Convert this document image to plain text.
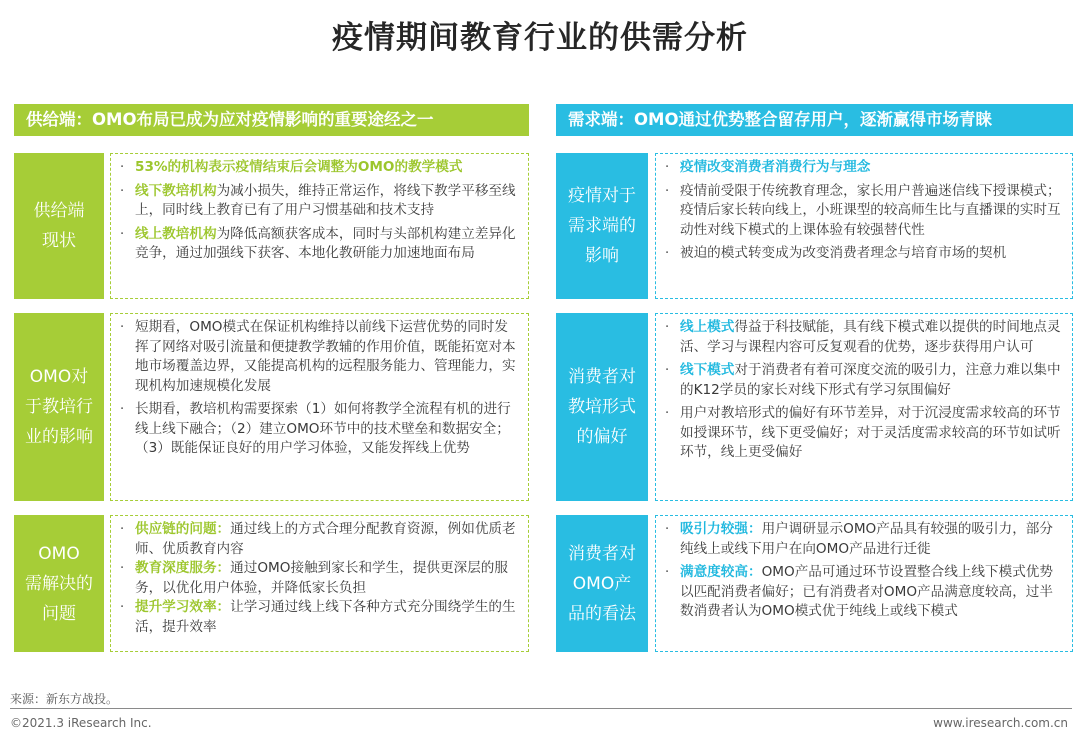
疫情期间教育行业的供需分析
供给端：OMO布局已成为应对疫情影响的重要途经之一	需求端：OMO通过优势整合留存用户，逐渐赢得市场青睐
供给端
现状
OMO对
于教培行
业的影响
OMO
需解决的
问题
· 53%的机构表示疫情结束后会调整为OMO的教学模式
· 线下教培机构为减小损失，维持正常运作，将线下教学平移至线上，同时线上教育已有了用户习惯基础和技术支持
· 线上教培机构为降低高额获客成本，同时与头部机构建立差异化竞争，通过加强线下获客、本地化教研能力加速地面布局
· 短期看，OMO模式在保证机构维持以前线下运营优势的同时发挥了网络对吸引流量和便捷教学教辅的作用价值，既能拓宽对本地市场覆盖边界，又能提高机构的远程服务能力、管理能力，实现机构加速规模化发展
· 长期看，教培机构需要探索（1）如何将教学全流程有机的进行线上线下融合；（2）建立OMO环节中的技术壁垒和数据安全；（3）既能保证良好的用户学习体验，又能发挥线上优势
· 供应链的问题：通过线上的方式合理分配教育资源，例如优质老师、优质教育内容
· 教育深度服务：通过OMO接触到家长和学生，提供更深层的服务，以优化用户体验，并降低家长负担
· 提升学习效率：让学习通过线上线下各种方式充分围绕学生的生活，提升效率
疫情对于
需求端的
影响
消费者对
教培形式
的偏好
消费者对
OMO产
品的看法
· 疫情改变消费者消费行为与理念
· 疫情前受限于传统教育理念，家长用户普遍迷信线下授课模式；疫情后家长转向线上，小班课型的较高师生比与直播课的实时互动性对线下模式的上课体验有较强替代性
· 被迫的模式转变成为改变消费者理念与培育市场的契机
· 线上模式得益于科技赋能，具有线下模式难以提供的时间地点灵活、学习与课程内容可反复观看的优势，逐步获得用户认可
· 线下模式对于消费者有着可深度交流的吸引力，注意力难以集中的K12学员的家长对线下形式有学习氛围偏好
· 用户对教培形式的偏好有环节差异，对于沉浸度需求较高的环节如授课环节，线下更受偏好；对于灵活度需求较高的环节如试听环节，线上更受偏好
· 吸引力较强：用户调研显示OMO产品具有较强的吸引力，部分纯线上或线下用户在向OMO产品进行迁徙
· 满意度较高：OMO产品可通过环节设置整合线上线下模式优势以匹配消费者偏好；已有消费者对OMO产品满意度较高，过半数消费者认为OMO模式优于纯线上或线下模式
来源：新东方战投。
©2021.3 iResearch Inc.	www.iresearch.com.cn
